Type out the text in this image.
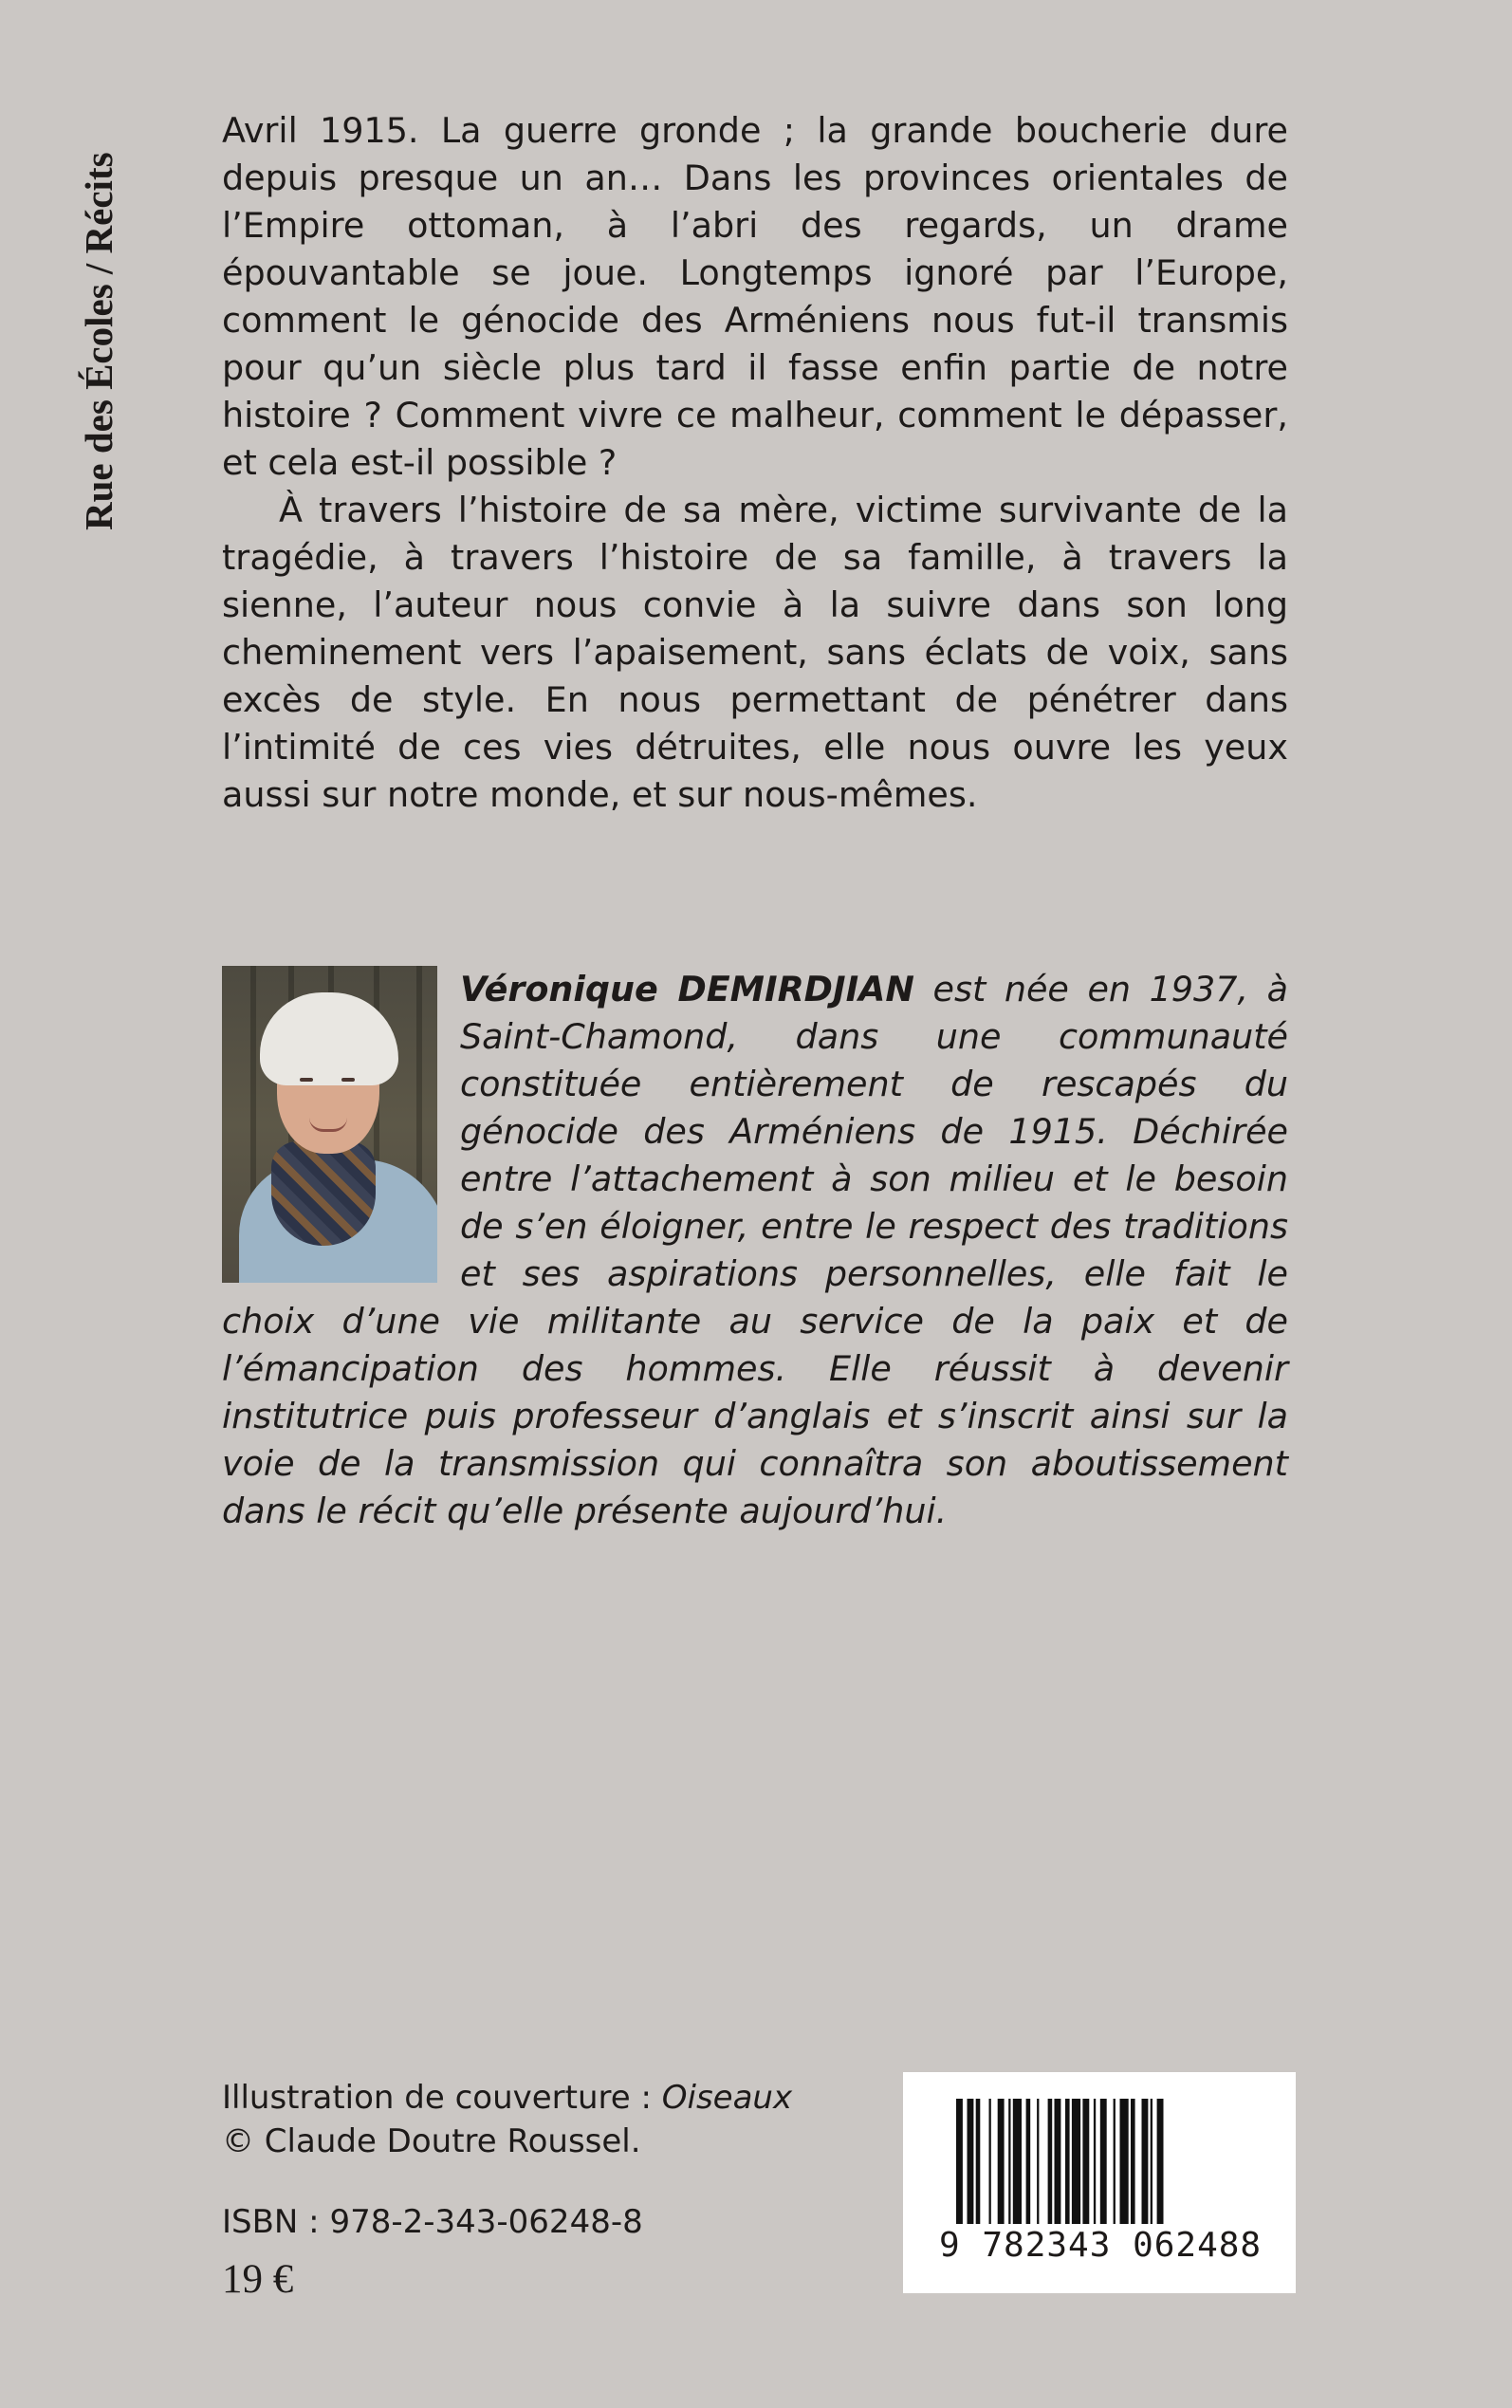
Rue des Écoles / Récits

Avril 1915. La guerre gronde ; la grande boucherie dure depuis presque un an… Dans les provinces orientales de l’Empire ottoman, à l’abri des regards, un drame épouvantable se joue. Longtemps ignoré par l’Europe, comment le génocide des Arméniens nous fut-il transmis pour qu’un siècle plus tard il fasse enfin partie de notre histoire ? Comment vivre ce malheur, comment le dépasser, et cela est-il possible ?

À travers l’histoire de sa mère, victime survivante de la tragédie, à travers l’histoire de sa famille, à travers la sienne, l’auteur nous convie à la suivre dans son long cheminement vers l’apaisement, sans éclats de voix, sans excès de style. En nous permettant de pénétrer dans l’intimité de ces vies détruites, elle nous ouvre les yeux aussi sur notre monde, et sur nous-mêmes.

Véronique DEMIRDJIAN est née en 1937, à Saint-Chamond, dans une communauté constituée entièrement de rescapés du génocide des Arméniens de 1915. Déchirée entre l’attachement à son milieu et le besoin de s’en éloigner, entre le respect des traditions et ses aspirations personnelles, elle fait le choix d’une vie militante au service de la paix et de l’émancipation des hommes. Elle réussit à devenir institutrice puis professeur d’anglais et s’inscrit ainsi sur la voie de la transmission qui connaîtra son aboutissement dans le récit qu’elle présente aujourd’hui.
Illustration de couverture : Oiseaux
© Claude Doutre Roussel.
ISBN : 978-2-343-06248-8
19 €
9 782343 062488
